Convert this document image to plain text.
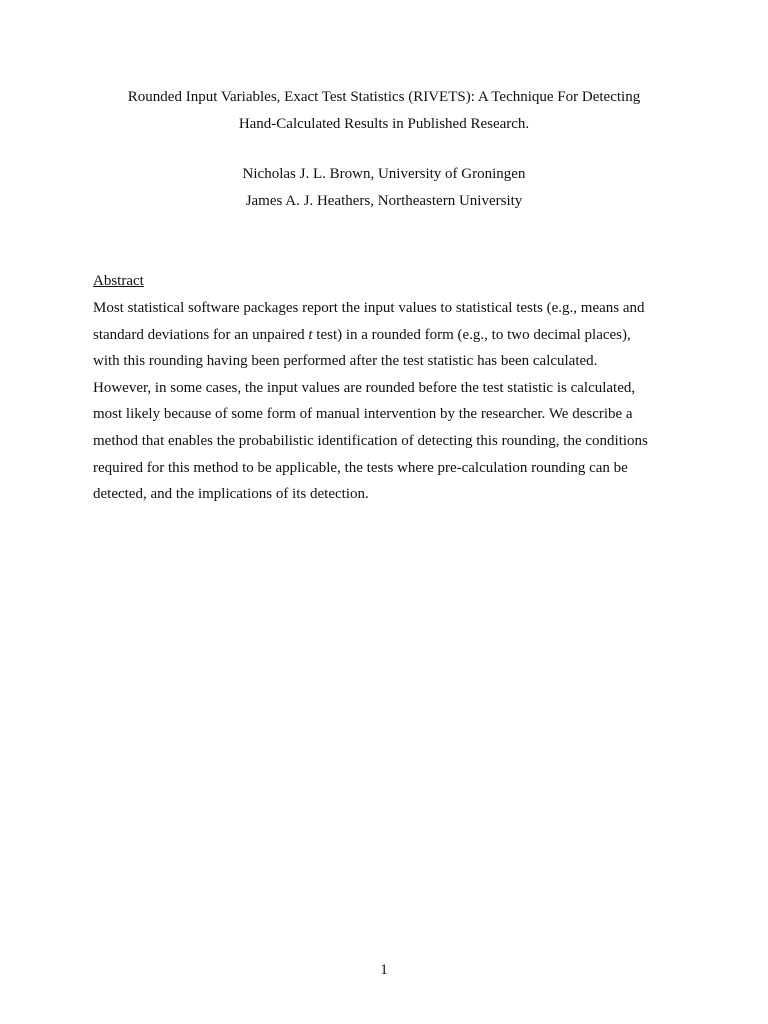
Rounded Input Variables, Exact Test Statistics (RIVETS): A Technique For Detecting
Hand-Calculated Results in Published Research.
Nicholas J. L. Brown, University of Groningen
James A. J. Heathers, Northeastern University
Abstract
Most statistical software packages report the input values to statistical tests (e.g., means and
standard deviations for an unpaired t test) in a rounded form (e.g., to two decimal places),
with this rounding having been performed after the test statistic has been calculated.
However, in some cases, the input values are rounded before the test statistic is calculated,
most likely because of some form of manual intervention by the researcher. We describe a
method that enables the probabilistic identification of detecting this rounding, the conditions
required for this method to be applicable, the tests where pre-calculation rounding can be
detected, and the implications of its detection.
1
